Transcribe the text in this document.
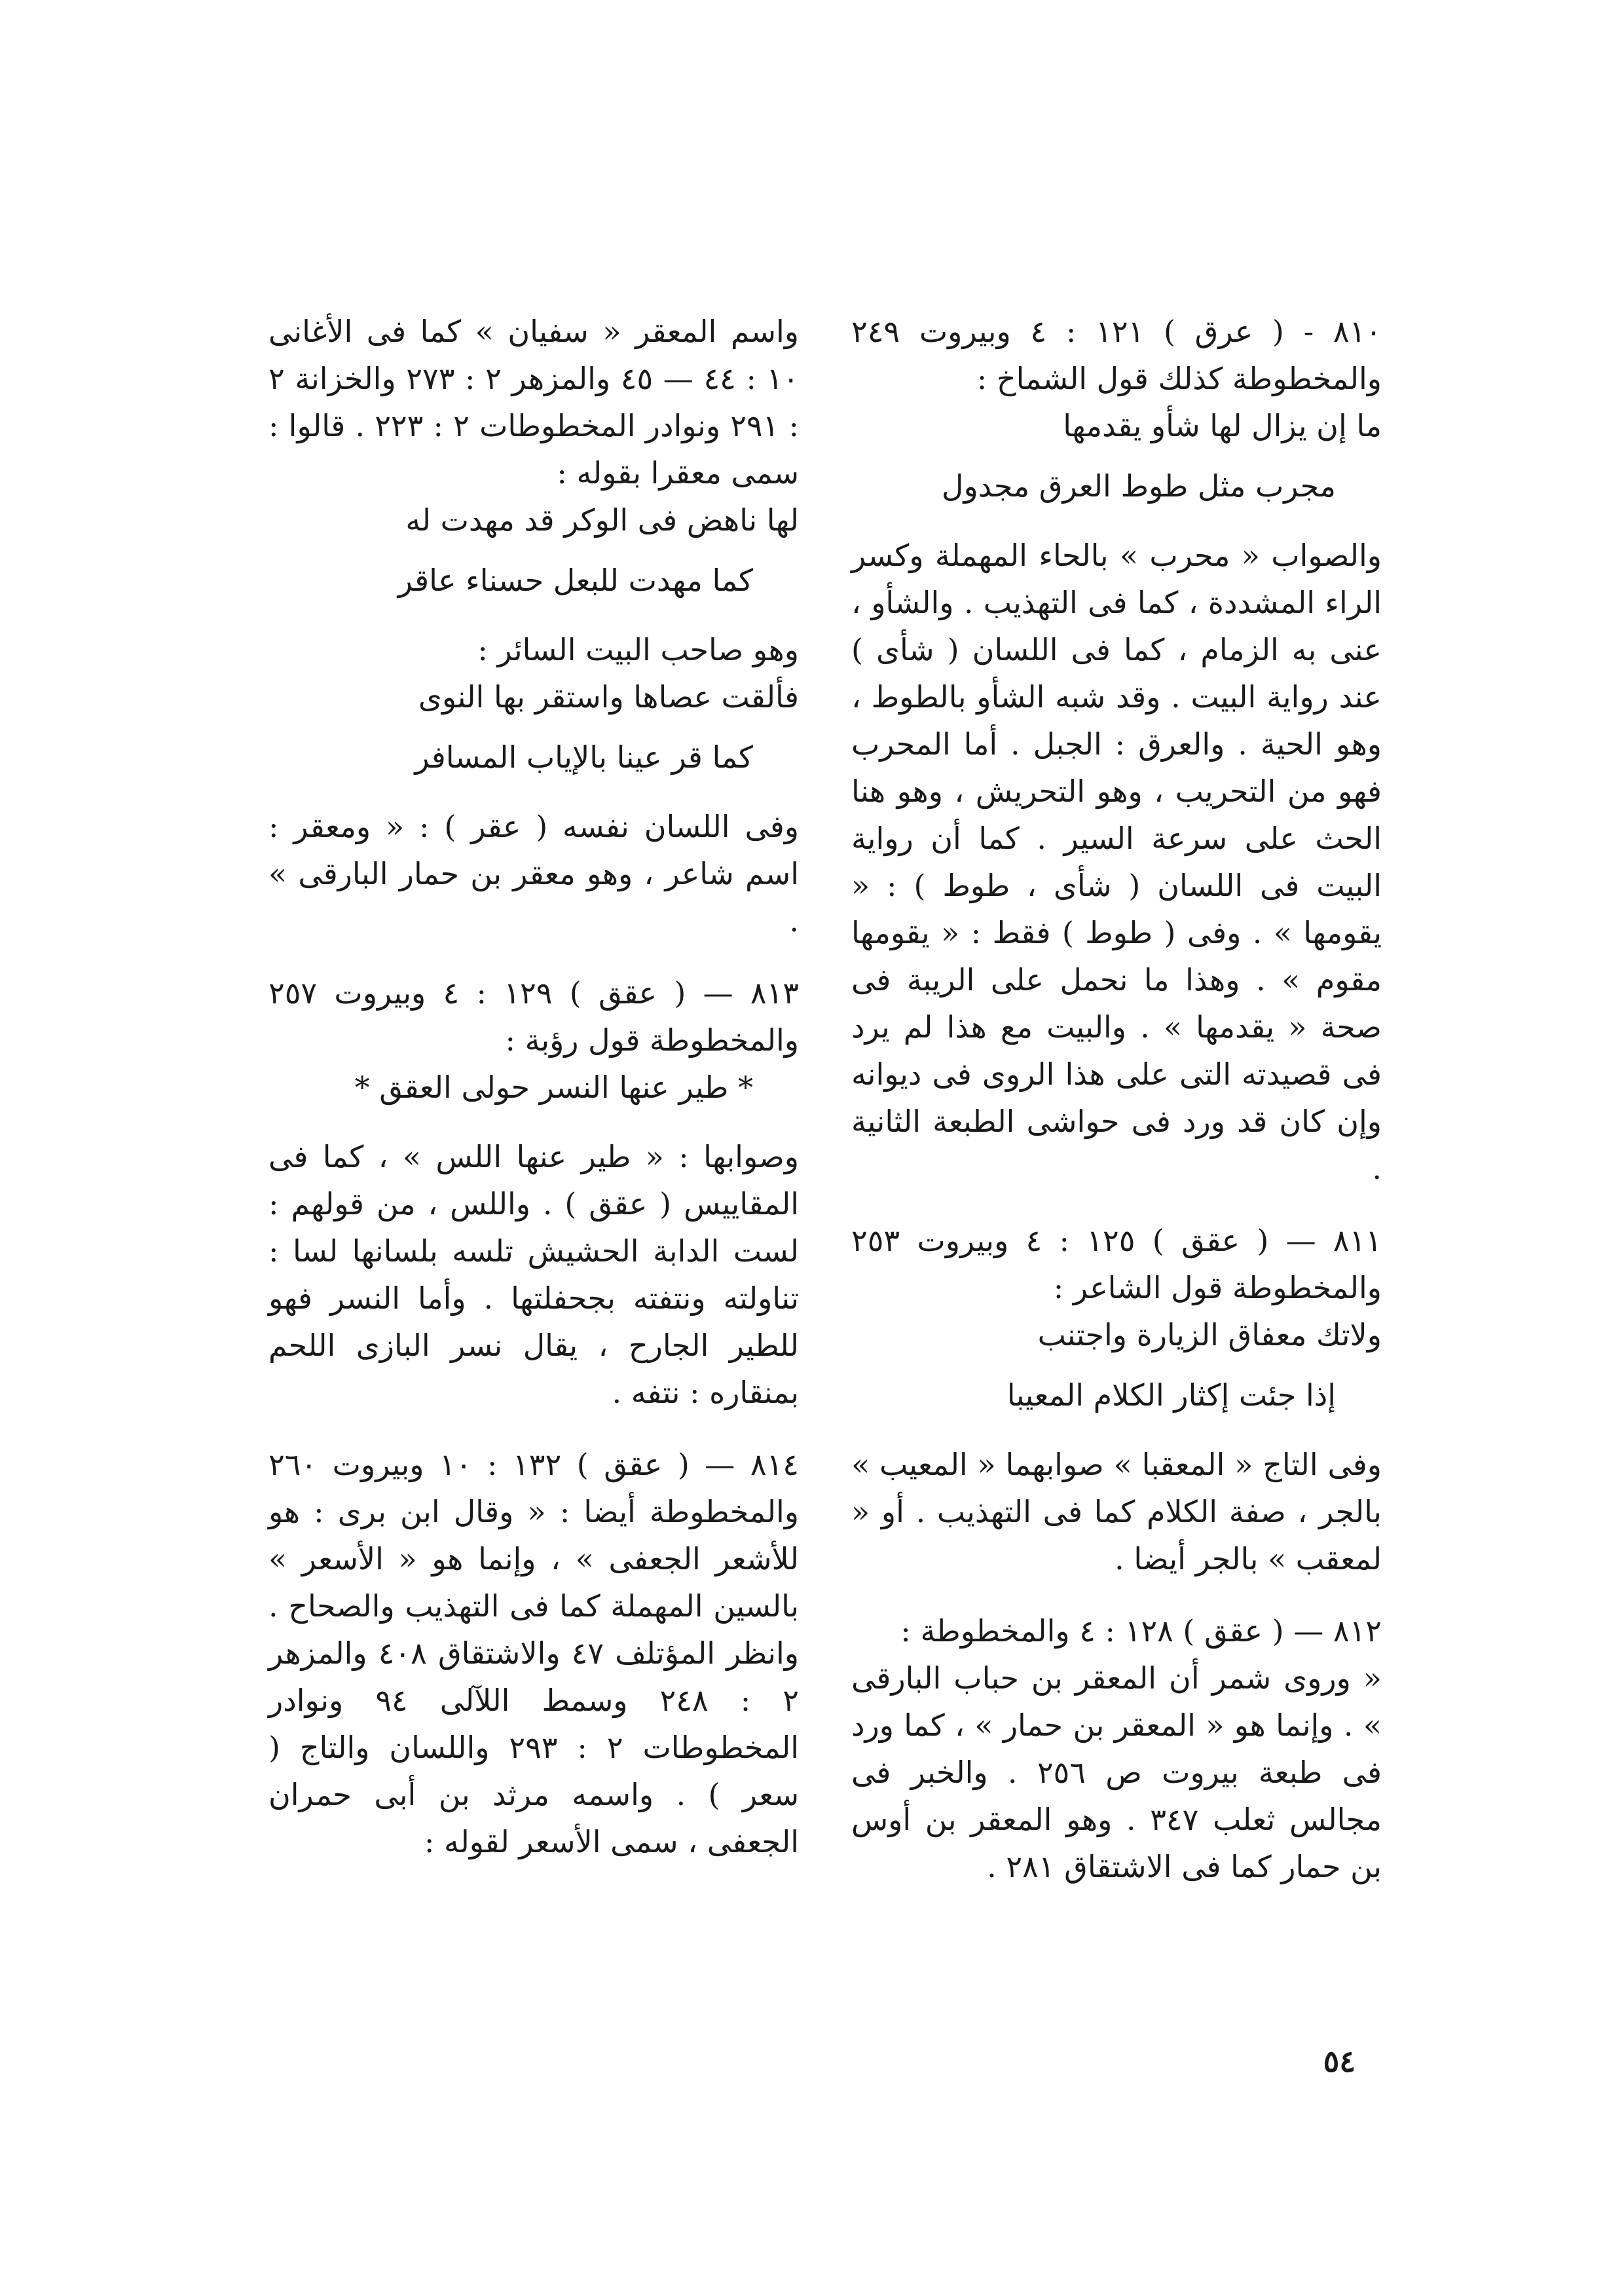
٨١٠ - ( عرق ) ١٢١ : ٤ وبيروت ٢٤٩ والمخطوطة كذلك قول الشماخ :

ما إن يزال لها شأو يقدمها
مجرب مثل طوط العرق مجدول

والصواب « محرب » بالحاء المهملة وكسر الراء المشددة ، كما فى التهذيب . والشأو ، عنى به الزمام ، كما فى اللسان ( شأى ) عند رواية البيت . وقد شبه الشأو بالطوط ، وهو الحية . والعرق : الجبل . أما المحرب فهو من التحريب ، وهو التحريش ، وهو هنا الحث على سرعة السير . كما أن رواية البيت فى اللسان ( شأى ، طوط ) : « يقومها » . وفى ( طوط ) فقط : « يقومها مقوم » . وهذا ما نحمل على الريبة فى صحة « يقدمها » . والبيت مع هذا لم يرد فى قصيدته التى على هذا الروى فى ديوانه وإن كان قد ورد فى حواشى الطبعة الثانية .

٨١١ — ( عقق ) ١٢٥ : ٤ وبيروت ٢٥٣ والمخطوطة قول الشاعر :

ولاتك معفاق الزيارة واجتنب
إذا جئت إكثار الكلام المعيبا

وفى التاج « المعقبا » صوابهما « المعيب » بالجر ، صفة الكلام كما فى التهذيب . أو « لمعقب » بالجر أيضا .

٨١٢ — ( عقق ) ١٢٨ : ٤ والمخطوطة :

« وروى شمر أن المعقر بن حباب البارقى » . وإنما هو « المعقر بن حمار » ، كما ورد فى طبعة بيروت ص ٢٥٦ . والخبر فى مجالس ثعلب ٣٤٧ . وهو المعقر بن أوس بن حمار كما فى الاشتقاق ٢٨١ .

واسم المعقر « سفيان » كما فى الأغانى ١٠ : ٤٤ — ٤٥ والمزهر ٢ : ٢٧٣ والخزانة ٢ : ٢٩١ ونوادر المخطوطات ٢ : ٢٢٣ . قالوا : سمى معقرا بقوله :

لها ناهض فى الوكر قد مهدت له
كما مهدت للبعل حسناء عاقر

وهو صاحب البيت السائر :

فألقت عصاها واستقر بها النوى
كما قر عينا بالإياب المسافر

وفى اللسان نفسه ( عقر ) : « ومعقر : اسم شاعر ، وهو معقر بن حمار البارقى » .

٨١٣ — ( عقق ) ١٢٩ : ٤ وبيروت ٢٥٧ والمخطوطة قول رؤبة :

* طير عنها النسر حولى العقق *

وصوابها : « طير عنها اللس » ، كما فى المقاييس ( عقق ) . واللس ، من قولهم : لست الدابة الحشيش تلسه بلسانها لسا : تناولته ونتفته بجحفلتها . وأما النسر فهو للطير الجارح ، يقال نسر البازى اللحم بمنقاره : نتفه .

٨١٤ — ( عقق ) ١٣٢ : ١٠ وبيروت ٢٦٠ والمخطوطة أيضا : « وقال ابن برى : هو للأشعر الجعفى » ، وإنما هو « الأسعر » بالسين المهملة كما فى التهذيب والصحاح . وانظر المؤتلف ٤٧ والاشتقاق ٤٠٨ والمزهر ٢ : ٢٤٨ وسمط اللآلى ٩٤ ونوادر المخطوطات ٢ : ٢٩٣ واللسان والتاج ( سعر ) . واسمه مرثد بن أبى حمران الجعفى ، سمى الأسعر لقوله :

٥٤
